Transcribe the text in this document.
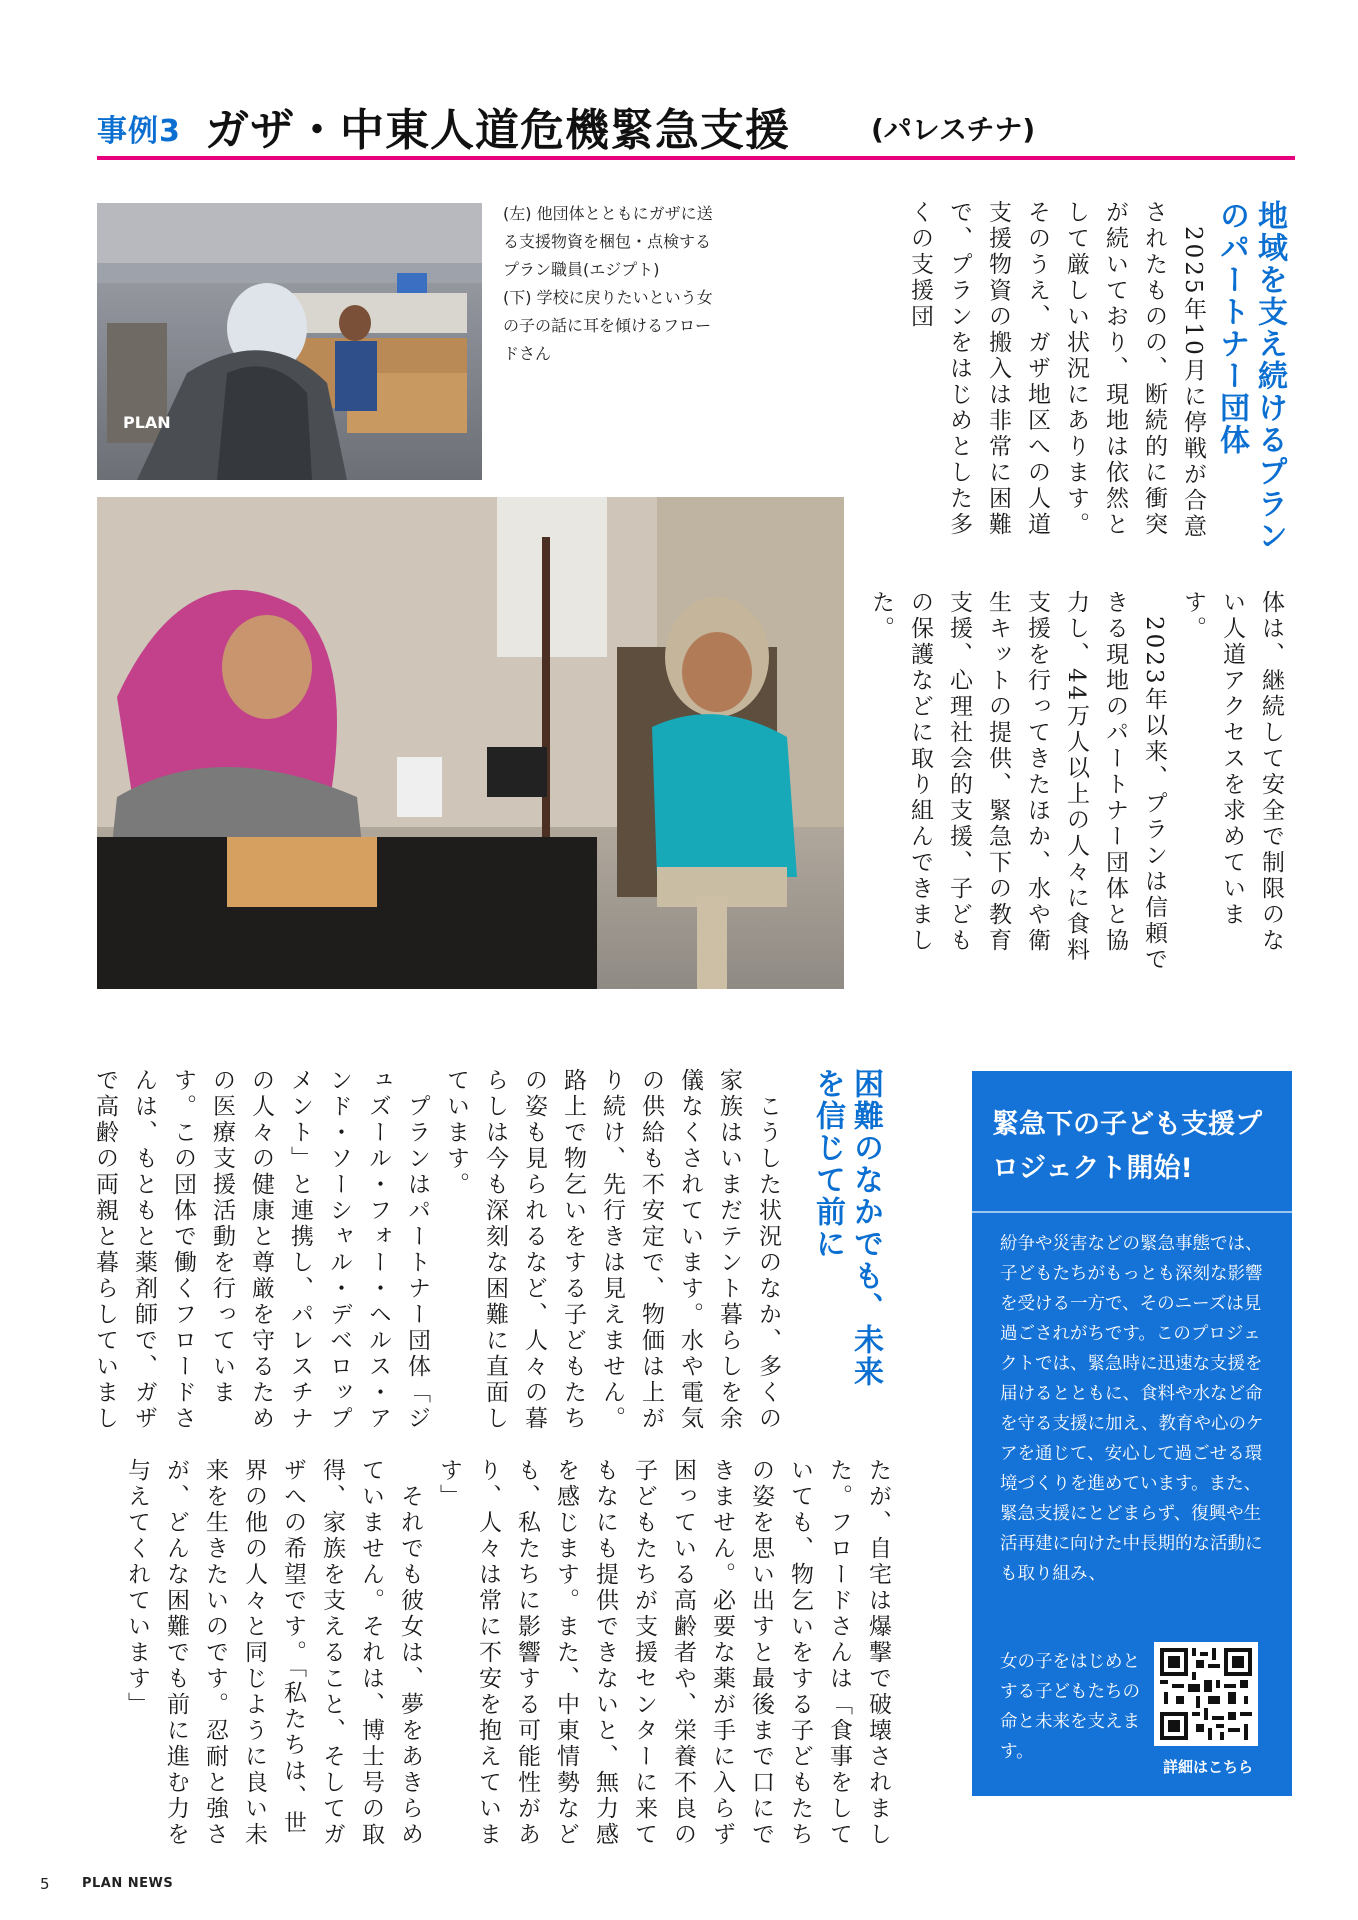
事例3 ガザ・中東人道危機緊急支援	(パレスチナ)
PLAN

(左) 他団体とともにガザに送る支援物資を梱包・点検するプラン職員(エジプト)

(下) 学校に戻りたいという女の子の話に耳を傾けるフロードさん	地域を支え続けるプランのパートナー団体
　2025年10月に停戦が合意されたものの、断続的に衝突が続いており、現地は依然として厳しい状況にあります。そのうえ、ガザ地区への人道支援物資の搬入は非常に困難で、プランをはじめとした多くの支援団
体は、継続して安全で制限のない人道アクセスを求めています。
　2023年以来、プランは信頼できる現地のパートナー団体と協力し、44万人以上の人々に食料支援を行ってきたほか、水や衛生キットの提供、緊急下の教育支援、心理社会的支援、子どもの保護などに取り組んできました。
困難のなかでも、未来を信じて前に
　こうした状況のなか、多くの家族はいまだテント暮らしを余儀なくされています。水や電気の供給も不安定で、物価は上がり続け、先行きは見えません。路上で物乞いをする子どもたちの姿も見られるなど、人々の暮らしは今も深刻な困難に直面しています。
　プランはパートナー団体「ジュズール・フォー・ヘルス・アンド・ソーシャル・デベロップメント」と連携し、パレスチナの人々の健康と尊厳を守るための医療支援活動を行っています。この団体で働くフロードさんは、もともと薬剤師で、ガザで高齢の両親と暮らしていまし
たが、自宅は爆撃で破壊されました。フロードさんは「食事をしていても、物乞いをする子どもたちの姿を思い出すと最後まで口にできません。必要な薬が手に入らず困っている高齢者や、栄養不良の子どもたちが支援センターに来てもなにも提供できないと、無力感を感じます。また、中東情勢なども、私たちに影響する可能性があり、人々は常に不安を抱えています」
　それでも彼女は、夢をあきらめていません。それは、博士号の取得、家族を支えること、そしてガザへの希望です。「私たちは、世界の他の人々と同じように良い未来を生きたいのです。忍耐と強さが、どんな困難でも前に進む力を与えてくれています」
緊急下の子ども支援プロジェクト開始!
紛争や災害などの緊急事態では、子どもたちがもっとも深刻な影響を受ける一方で、そのニーズは見過ごされがちです。このプロジェクトでは、緊急時に迅速な支援を届けるとともに、食料や水など命を守る支援に加え、教育や心のケアを通じて、安心して過ごせる環境づくりを進めています。また、緊急支援にとどまらず、復興や生活再建に向けた中長期的な活動にも取り組み、
女の子をはじめとする子どもたちの命と未来を支えます。
詳細はこちら
5 PLAN NEWS
